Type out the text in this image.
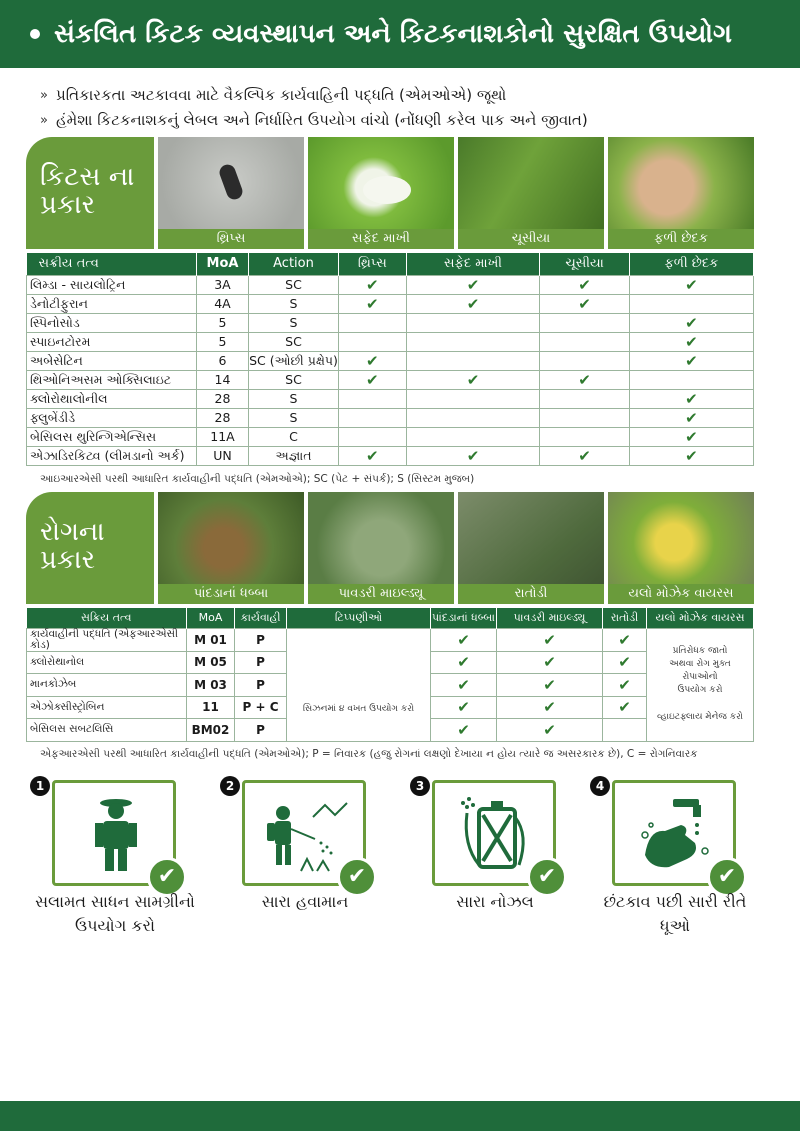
સંકલિત કિટક વ્યવસ્થાપન અને કિટકનાશકોનો સુરક્ષિત ઉપયોગ
» પ્રતિકારકતા અટકાવવા માટે વૈકલ્પિક કાર્યવાહિની પદ્ધતિ (એમઓએ) જૂથો
» હંમેશા કિટકનાશકનું લેબલ અને નિર્ધારિત ઉપયોગ વાંચો (નોંધણી કરેલ પાક અને જીવાત)
કિટસ ના
પ્રકાર
થ્રિપ્સ	સફેદ માખી	ચૂસીયા	ફળી છેદક
સક્રીય તત્વ	MoA	Action	થ્રિપ્સ	સફેદ માખી	ચૂસીયા	ફળી છેદક
લિમ્ડા - સાયલોટ્રિન	3A	SC	✔	✔	✔	✔
ડેનોટીફુરાન	4A	S	✔	✔	✔	
સ્પિનોસોડ	5	S				✔
સ્પાઇનટોરમ	5	SC				✔
અબેસેટિન	6	SC (ઓછી પ્રક્ષેપ)	✔			✔
થિઓનિઅસમ ઓક્સિલાઇટ	14	SC	✔	✔	✔	
ક્લોરોથાલોનીલ	28	S				✔
ફ્લુબેંડીડે	28	S				✔
બેસિલસ થુરિન્ગિએન્સિસ	11A	C				✔
એઝાડિરકિટ્વ (લીમડાનો અર્ક)	UN	અજ્ઞાત	✔	✔	✔	✔
આઇઆરએસી પરથી આધારિત કાર્યવાહીની પદ્ધતિ (એમઓએ); SC (પેટ + સંપર્ક); S (સિસ્ટમ મુજબ)
રોગના
પ્રકાર
પાંદડાનાં ધબ્બા	પાવડરી માઇલ્ડ્યૂ	રાતોડી	યલો મોઝેક વાયરસ
સક્રિય તત્વ	MoA	કાર્યવાહી	ટિપ્પણીઓ	પાંદડાનાં ધબ્બા	પાવડરી માઇલ્ડ્યૂ	રાતોડી	યલો મોઝેક વાયરસ
કાર્યવાહીની પદ્ધતિ (એફઆરએસી કોડ)	M 01	P	સિઝનમાં ૪ વખત ઉપયોગ કરો	✔	✔	✔	પ્રતિરોધક જાતો અથવા રોગ મુક્ત રોપાઓનો ઉપયોગ કરો
વ્હાઇટફ્લાય મેનેજ કરો

ક્લોરોથાનોલ	M 05	P		✔	✔	✔	
માનકોઝેબ	M 03	P		✔	✔	✔	
એઝોક્સીસ્ટ્રોબિન	11	P + C		✔	✔	✔	
બેસિલસ સબટલિસિ	BM02	P		✔	✔		
એફઆરએસી પરથી આધારિત કાર્યવાહીની પદ્ધતિ (એમઓએ); P = નિવારક (હજુ રોગનાં લક્ષણો દેખાયા ન હોય ત્યારે જ અસરકારક છે), C = રોગનિવારક
1
✔
સલામત સાધન સામગ્રીનો ઉપયોગ કરો
2
✔
સારા હવામાન
3
✔
સારા નોઝલ
4
✔
છંટકાવ પછી સારી રીતે ધૂઓ
